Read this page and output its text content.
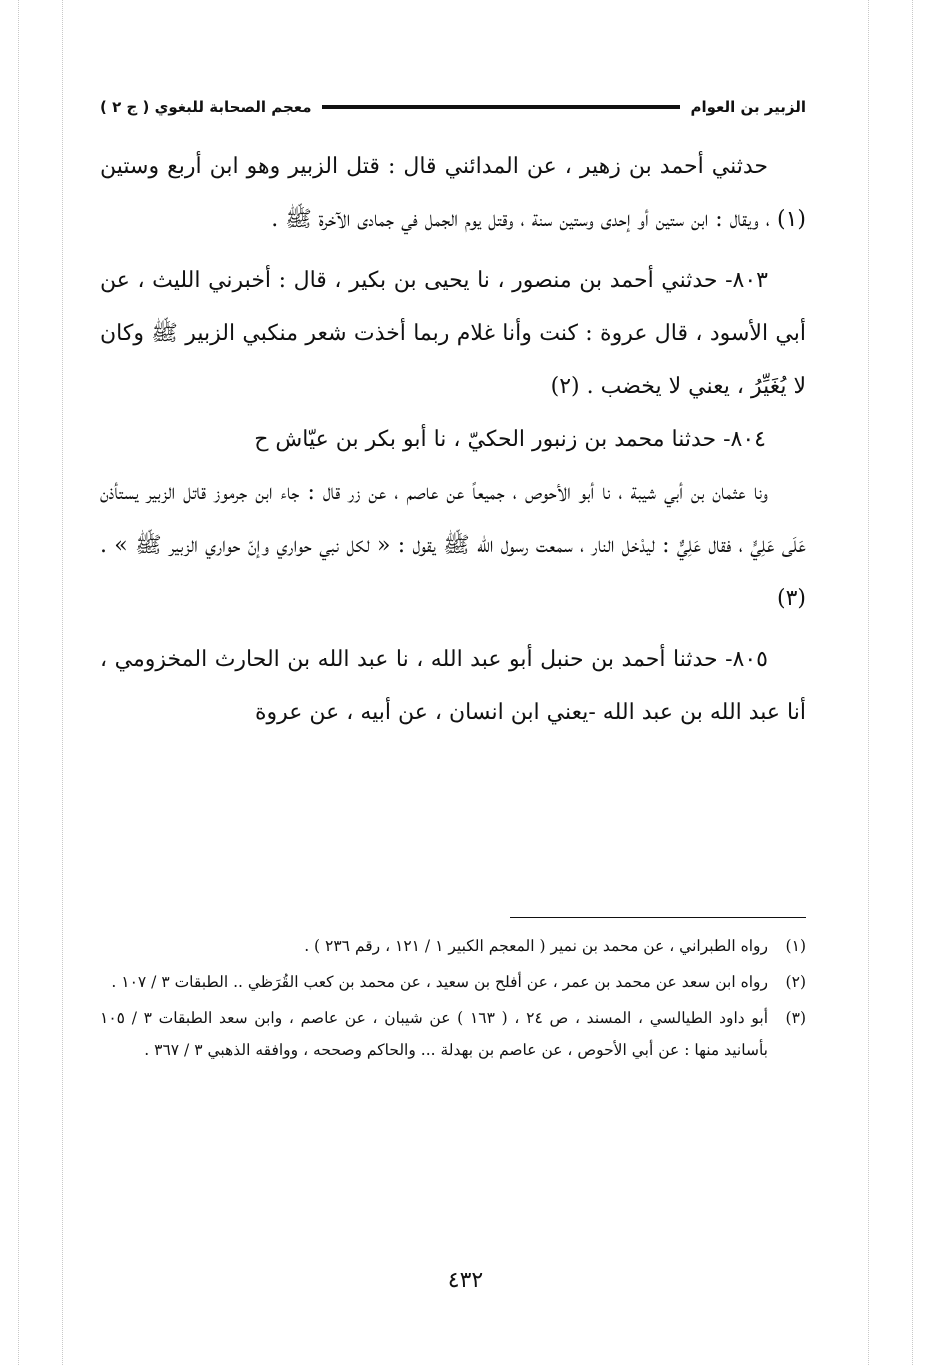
الزبير بن العوام
معجم الصحابة للبغوي ( ج ٢ )

حدثني أحمد بن زهير ، عن المدائني قال : قتل الزبير وهو ابن أربع وستين (١) ، ويقال : ابن ستين أو إحدى وستين سنة ، وقتل يوم الجمل في جمادى الآخرة ﷺ .

٨٠٣- حدثني أحمد بن منصور ، نا يحيى بن بكير ، قال : أخبرني الليث ، عن أبي الأسود ، قال عروة : كنت وأنا غلام ربما أخذت شعر منكبي الزبير ﷺ وكان لا يُغَيِّرُ ، يعني لا يخضب . (٢)

٨٠٤- حدثنا محمد بن زنبور الحكيّ ، نا أبو بكر بن عيّاش ح

ونا عثمان بن أبي شيبة ، نا أبو الأحوص ، جميعاً عن عاصم ، عن زر قال : جاء ابن جرموز قاتل الزبير يستأذن عَلَى عَلِيٍّ ، فقال عَلِيٌّ : ليدْخل النار ، سمعت رسول الله ﷺ يقول : « لكل نبي حواري وإنّ حواري الزبير ﷺ » . (٣)

٨٠٥- حدثنا أحمد بن حنبل أبو عبد الله ، نا عبد الله بن الحارث المخزومي ، أنا عبد الله بن عبد الله -يعني ابن انسان ، عن أبيه ، عن عروة

(١)
رواه الطبراني ، عن محمد بن نمير ( المعجم الكبير ١ / ١٢١ ، رقم ٢٣٦ ) .
(٢)
رواه ابن سعد عن محمد بن عمر ، عن أفلح بن سعيد ، عن محمد بن كعب القُرَظي .. الطبقات ٣ / ١٠٧ .
(٣)
أبو داود الطيالسي ، المسند ، ص ٢٤ ، ( ١٦٣ ) عن شيبان ، عن عاصم ، وابن سعد الطبقات ٣ / ١٠٥ بأسانيد منها : عن أبي الأحوص ، عن عاصم بن بهدلة ... والحاكم وصححه ، ووافقه الذهبي ٣ / ٣٦٧ .
٤٣٢
